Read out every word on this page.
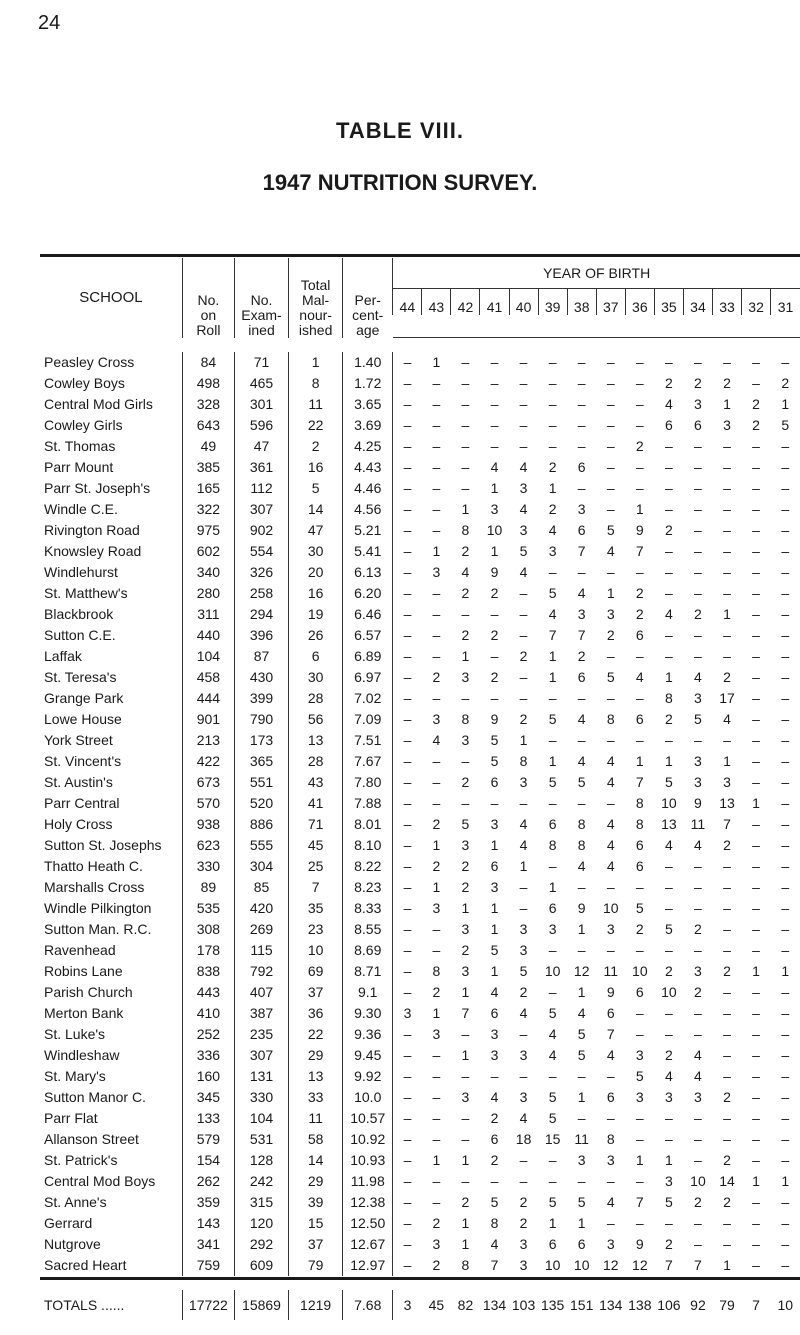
24
TABLE VIII.
1947 NUTRITION SURVEY.
SCHOOL	No.
on
Roll	No.
Exam-
ined	Total
Mal-
nour-
ished	Per-
cent-
age	YEAR OF BIRTH													
					44	43	42	41	40	39	38	37	36	35	34	33	32	31

Peasley Cross	84	71	1	1.40	–	1	–	–	–	–	–	–	–	–	–	–	–	–
Cowley Boys	498	465	8	1.72	–	–	–	–	–	–	–	–	–	2	2	2	–	2
Central Mod Girls	328	301	11	3.65	–	–	–	–	–	–	–	–	–	4	3	1	2	1
Cowley Girls	643	596	22	3.69	–	–	–	–	–	–	–	–	–	6	6	3	2	5
St. Thomas	49	47	2	4.25	–	–	–	–	–	–	–	–	2	–	–	–	–	–
Parr Mount	385	361	16	4.43	–	–	–	4	4	2	6	–	–	–	–	–	–	–
Parr St. Joseph's	165	112	5	4.46	–	–	–	1	3	1	–	–	–	–	–	–	–	–
Windle C.E.	322	307	14	4.56	–	–	1	3	4	2	3	–	1	–	–	–	–	–
Rivington Road	975	902	47	5.21	–	–	8	10	3	4	6	5	9	2	–	–	–	–
Knowsley Road	602	554	30	5.41	–	1	2	1	5	3	7	4	7	–	–	–	–	–
Windlehurst	340	326	20	6.13	–	3	4	9	4	–	–	–	–	–	–	–	–	–
St. Matthew's	280	258	16	6.20	–	–	2	2	–	5	4	1	2	–	–	–	–	–
Blackbrook	311	294	19	6.46	–	–	–	–	–	4	3	3	2	4	2	1	–	–
Sutton C.E.	440	396	26	6.57	–	–	2	2	–	7	7	2	6	–	–	–	–	–
Laffak	104	87	6	6.89	–	–	1	–	2	1	2	–	–	–	–	–	–	–
St. Teresa's	458	430	30	6.97	–	2	3	2	–	1	6	5	4	1	4	2	–	–
Grange Park	444	399	28	7.02	–	–	–	–	–	–	–	–	–	8	3	17	–	–
Lowe House	901	790	56	7.09	–	3	8	9	2	5	4	8	6	2	5	4	–	–
York Street	213	173	13	7.51	–	4	3	5	1	–	–	–	–	–	–	–	–	–
St. Vincent's	422	365	28	7.67	–	–	–	5	8	1	4	4	1	1	3	1	–	–
St. Austin's	673	551	43	7.80	–	–	2	6	3	5	5	4	7	5	3	3	–	–
Parr Central	570	520	41	7.88	–	–	–	–	–	–	–	–	8	10	9	13	1	–
Holy Cross	938	886	71	8.01	–	2	5	3	4	6	8	4	8	13	11	7	–	–
Sutton St. Josephs	623	555	45	8.10	–	1	3	1	4	8	8	4	6	4	4	2	–	–
Thatto Heath C.	330	304	25	8.22	–	2	2	6	1	–	4	4	6	–	–	–	–	–
Marshalls Cross	89	85	7	8.23	–	1	2	3	–	1	–	–	–	–	–	–	–	–
Windle Pilkington	535	420	35	8.33	–	3	1	1	–	6	9	10	5	–	–	–	–	–
Sutton Man. R.C.	308	269	23	8.55	–	–	3	1	3	3	1	3	2	5	2	–	–	–
Ravenhead	178	115	10	8.69	–	–	2	5	3	–	–	–	–	–	–	–	–	–
Robins Lane	838	792	69	8.71	–	8	3	1	5	10	12	11	10	2	3	2	1	1
Parish Church	443	407	37	9.1	–	2	1	4	2	–	1	9	6	10	2	–	–	–
Merton Bank	410	387	36	9.30	3	1	7	6	4	5	4	6	–	–	–	–	–	–
St. Luke's	252	235	22	9.36	–	3	–	3	–	4	5	7	–	–	–	–	–	–
Windleshaw	336	307	29	9.45	–	–	1	3	3	4	5	4	3	2	4	–	–	–
St. Mary's	160	131	13	9.92	–	–	–	–	–	–	–	–	5	4	4	–	–	–
Sutton Manor C.	345	330	33	10.0	–	–	3	4	3	5	1	6	3	3	3	2	–	–
Parr Flat	133	104	11	10.57	–	–	–	2	4	5	–	–	–	–	–	–	–	–
Allanson Street	579	531	58	10.92	–	–	–	6	18	15	11	8	–	–	–	–	–	–
St. Patrick's	154	128	14	10.93	–	1	1	2	–	–	3	3	1	1	–	2	–	–
Central Mod Boys	262	242	29	11.98	–	–	–	–	–	–	–	–	–	3	10	14	1	1
St. Anne's	359	315	39	12.38	–	–	2	5	2	5	5	4	7	5	2	2	–	–
Gerrard	143	120	15	12.50	–	2	1	8	2	1	1	–	–	–	–	–	–	–
Nutgrove	341	292	37	12.67	–	3	1	4	3	6	6	3	9	2	–	–	–	–
Sacred Heart	759	609	79	12.97	–	2	8	7	3	10	10	12	12	7	7	1	–	–

TOTALS ......	17722	15869	1219	7.68	3	45	82	134	103	135	151	134	138	106	92	79	7	10
